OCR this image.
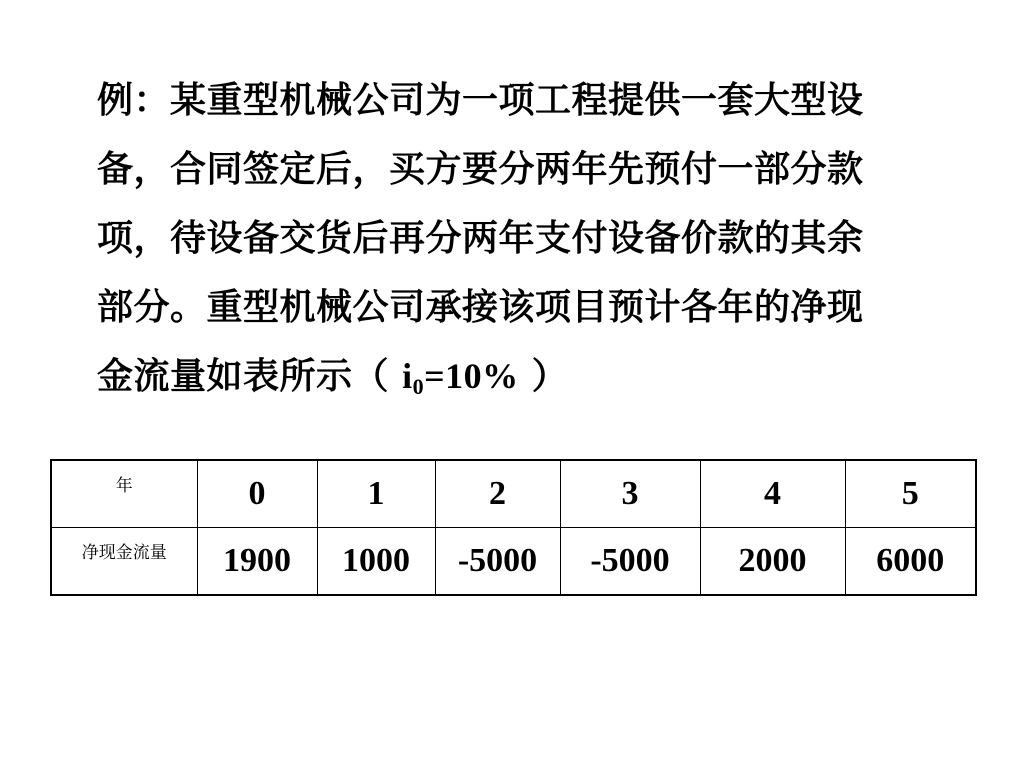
例：某重型机械公司为一项工程提供一套大型设
备，合同签定后，买方要分两年先预付一部分款
项，待设备交货后再分两年支付设备价款的其余
部分。重型机械公司承接该项目预计各年的净现
金流量如表所示（ $i_0=10\%$ ）
年	0	1	2	3	4	5
净现金流量	1900	1000	-5000	-5000	2000	6000
